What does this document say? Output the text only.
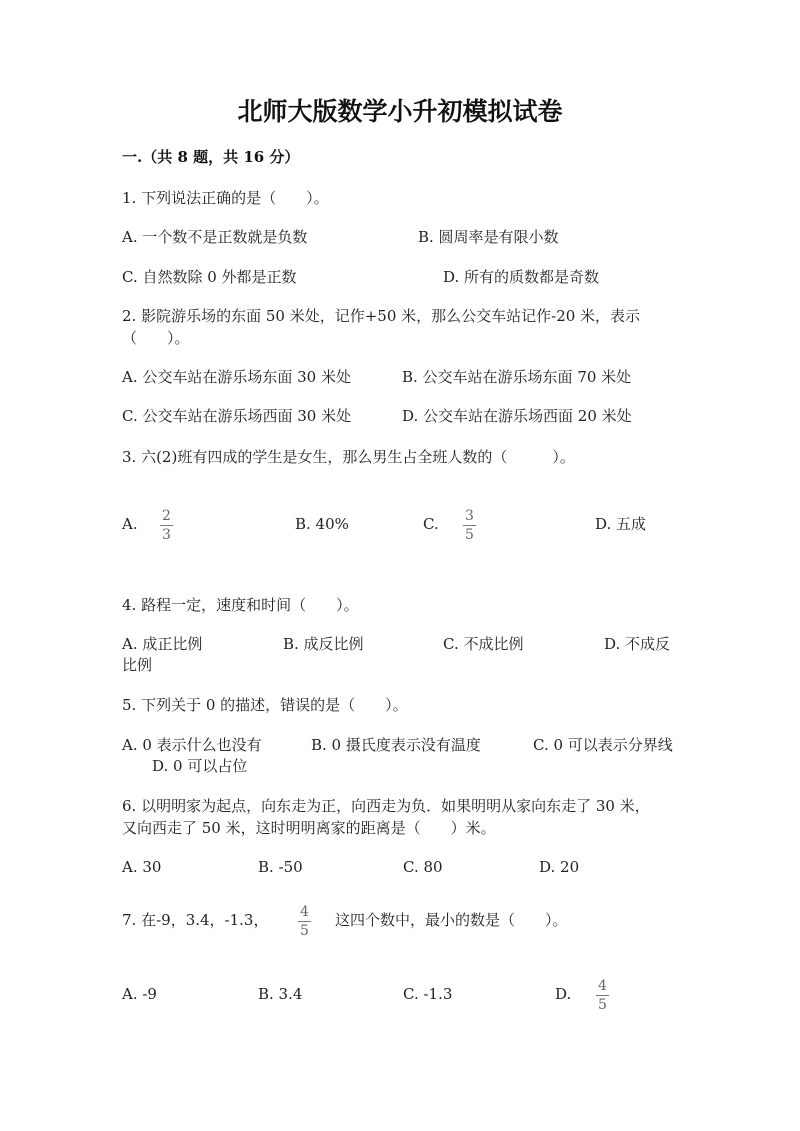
北师大版数学小升初模拟试卷
一.（共 8 题，共 16 分）
1. 下列说法正确的是（　　）。
A. 一个数不是正数就是负数	B. 圆周率是有限小数
C. 自然数除 0 外都是正数	D. 所有的质数都是奇数
2. 影院游乐场的东面 50 米处，记作+50 米，那么公交车站记作-20 米，表示（　　）。
A. 公交车站在游乐场东面 30 米处	B. 公交车站在游乐场东面 70 米处
C. 公交车站在游乐场西面 30 米处	D. 公交车站在游乐场西面 20 米处
3. 六(2)班有四成的学生是女生，那么男生占全班人数的（　　　）。
A. 2
3
B. 40%	C. 3
5
D. 五成
4. 路程一定，速度和时间（　　）。
A. 成正比例	B. 成反比例	C. 不成比例	D. 不成反
比例
5. 下列关于 0 的描述，错误的是（　　）。
A. 0 表示什么也没有	B. 0 摄氏度表示没有温度	C. 0 可以表示分界线
D. 0 可以占位
6. 以明明家为起点，向东走为正，向西走为负．如果明明从家向东走了 30 米，
又向西走了 50 米，这时明明离家的距离是（　　）米。
A. 30	B. -50	C. 80	D. 20
7. 在-9，3.4，-1.3， 4
5
这四个数中，最小的数是（　　）。
A. -9	B. 3.4	C. -1.3	D. 4
5
